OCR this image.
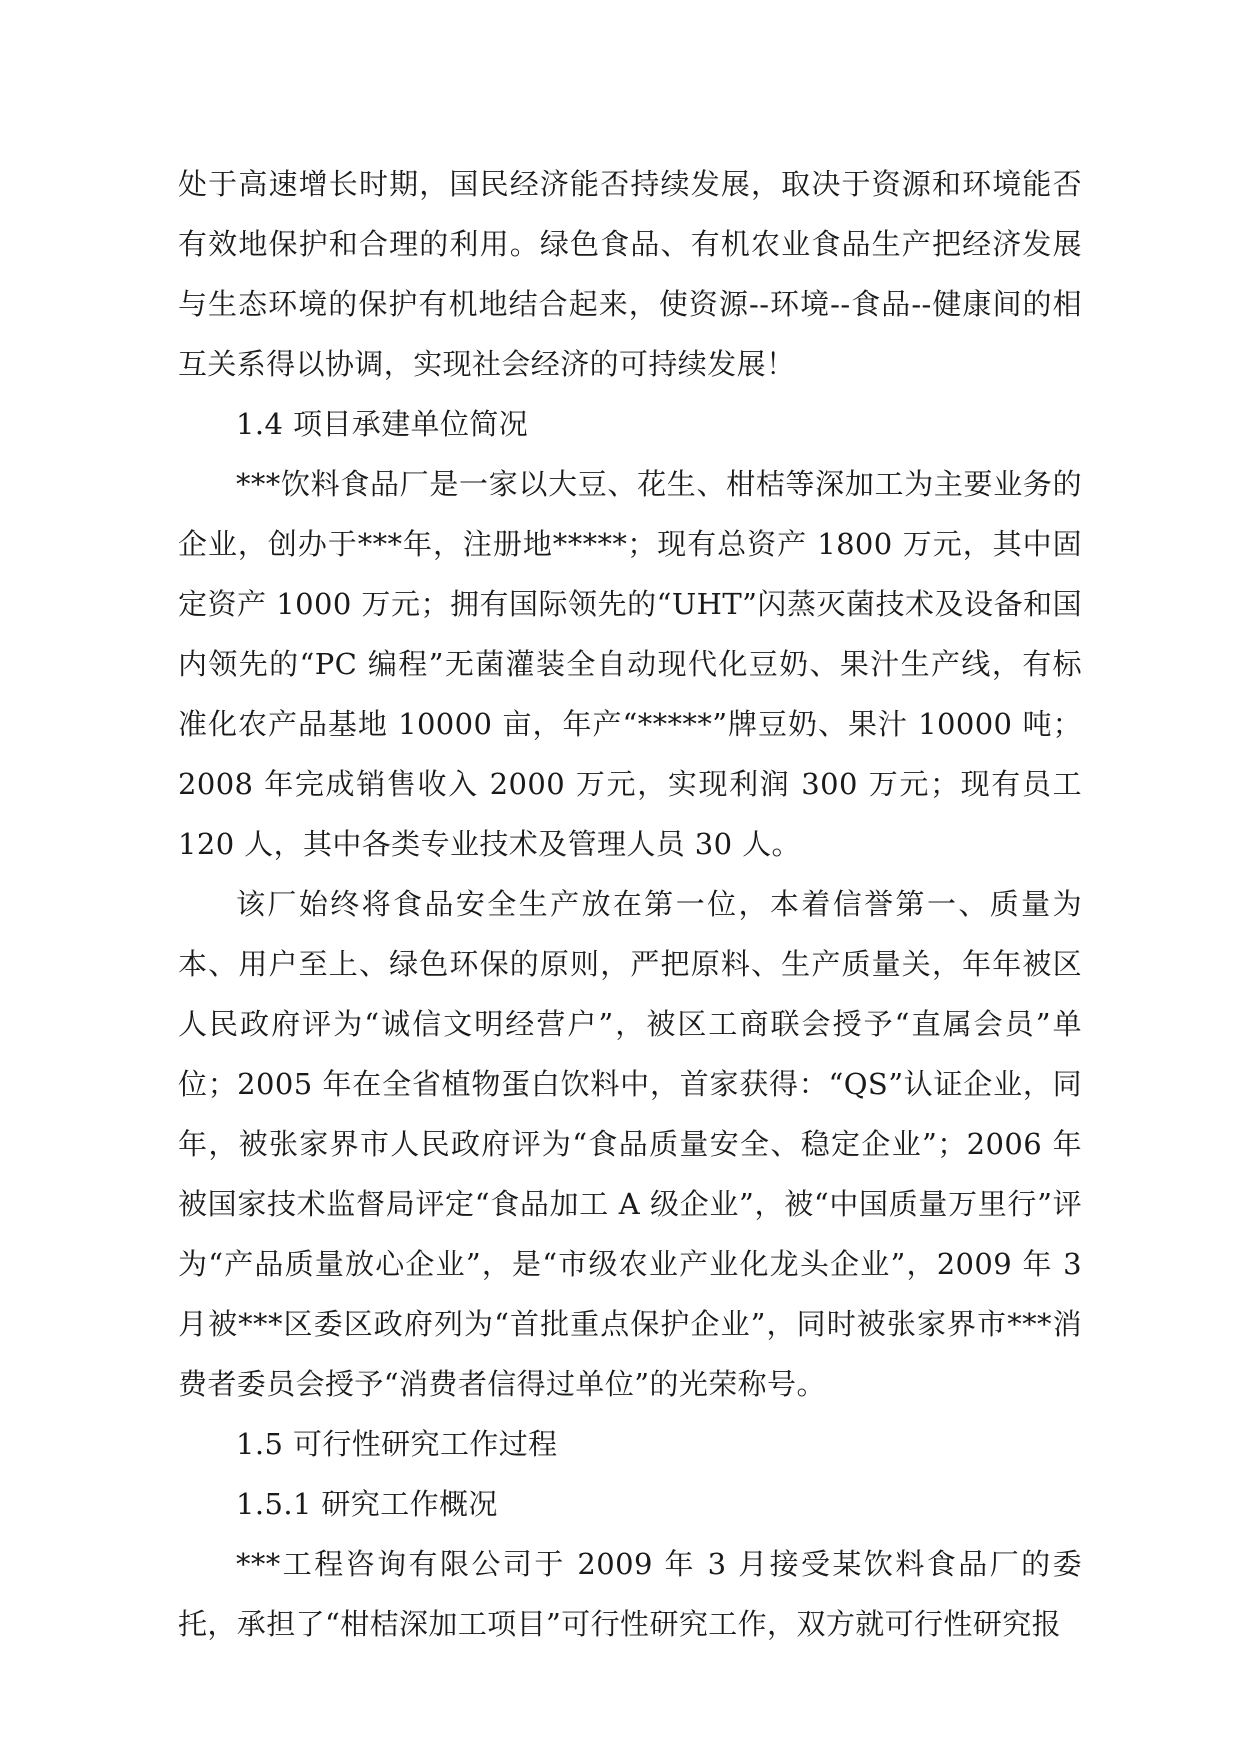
处于高速增长时期，国民经济能否持续发展，取决于资源和环境能否有效地保护和合理的利用。绿色食品、有机农业食品生产把经济发展与生态环境的保护有机地结合起来，使资源--环境--食品--健康间的相互关系得以协调，实现社会经济的可持续发展！

1.4 项目承建单位简况

***饮料食品厂是一家以大豆、花生、柑桔等深加工为主要业务的企业，创办于***年，注册地*****；现有总资产 1800 万元，其中固定资产 1000 万元；拥有国际领先的“UHT”闪蒸灭菌技术及设备和国内领先的“PC 编程”无菌灌装全自动现代化豆奶、果汁生产线，有标准化农产品基地 10000 亩，年产“*****”牌豆奶、果汁 10000 吨；2008 年完成销售收入 2000 万元，实现利润 300 万元；现有员工 120 人，其中各类专业技术及管理人员 30 人。

该厂始终将食品安全生产放在第一位，本着信誉第一、质量为本、用户至上、绿色环保的原则，严把原料、生产质量关，年年被区人民政府评为“诚信文明经营户”，被区工商联会授予“直属会员”单位；2005 年在全省植物蛋白饮料中，首家获得：“QS”认证企业，同年，被张家界市人民政府评为“食品质量安全、稳定企业”；2006 年被国家技术监督局评定“食品加工 A 级企业”，被“中国质量万里行”评为“产品质量放心企业”，是“市级农业产业化龙头企业”，2009 年 3 月被***区委区政府列为“首批重点保护企业”，同时被张家界市***消费者委员会授予“消费者信得过单位”的光荣称号。

1.5 可行性研究工作过程

1.5.1 研究工作概况

***工程咨询有限公司于 2009 年 3 月接受某饮料食品厂的委托，承担了“柑桔深加工项目”可行性研究工作，双方就可行性研究报
